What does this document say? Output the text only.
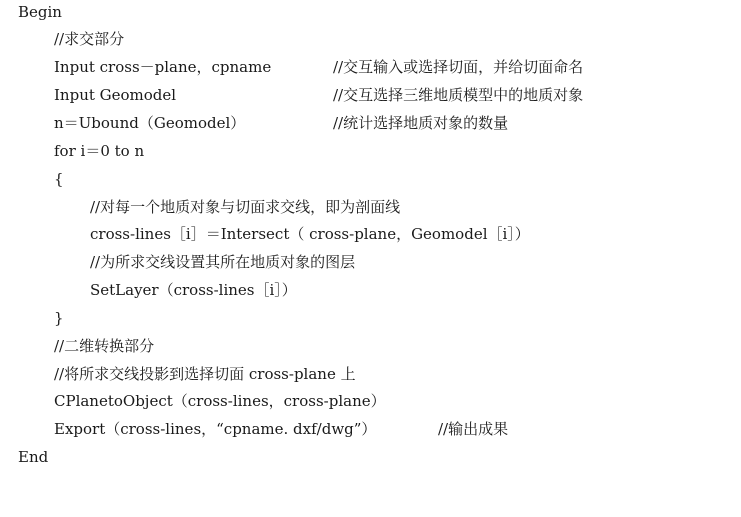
Begin

//求交部分

Input cross－plane，cpname

	//交互输入或选择切面，并给切面命名

Input Geomodel

	//交互选择三维地质模型中的地质对象

n＝Ubound（Geomodel）

	//统计选择地质对象的数量

for i＝0 to n

{

//对每一个地质对象与切面求交线，即为剖面线

cross-lines［i］＝Intersect（ cross-plane，Geomodel［i］）

//为所求交线设置其所在地质对象的图层

SetLayer（cross-lines［i］）

}

//二维转换部分

//将所求交线投影到选择切面 cross-plane 上

CPlanetoObject（cross-lines，cross-plane）

Export（cross-lines，“cpname. dxf/dwg”）

	//输出成果

End
